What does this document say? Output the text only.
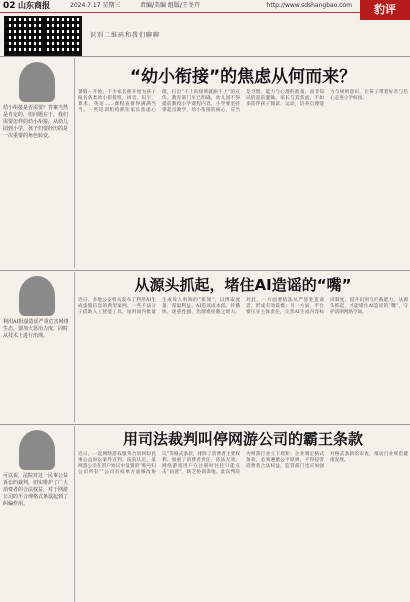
02 山东商报	2024.7.17 星期三	责编/美编 组版/王冬卉	http://www.sdshangbao.com	豹评
识别二维码和我们聊聊
幼小衔接是否需要？答案当然是肯定的，但问题在于，我们需要怎样的幼小衔接，从幼儿园到小学，孩子们要经历的是一次重要的角色转变。
“幼小衔接”的焦虑从何而来？
暑假一开始，不少家长便开始为孩子报名各类幼小衔接班。拼音、识字、算术、英语……课程表排得满满当当。一些培训机构抓住家长焦虑心理，打出“不上衔接班就跟不上”的宣传。教育部门早已明确，幼儿园不得提前教授小学课程内容，小学要坚持零起点教学。幼小衔接的核心，应当是习惯、能力与心理的准备，而非知识的超前灌输。家长与其焦虑，不如多陪伴孩子阅读、运动，培养自理能力与规则意识，让孩子带着好奇与信心走进小学校园。
利用AI批量造谣严重危害网络生态，要加大惩治力度，同时从技术上进行治理。
从源头抓起，堵住AI造谣的“嘴”
近日，多地公安机关发布了利用AI生成虚假信息的典型案例。一些不法分子借助人工智能工具，短时间内批量生成耸人听闻的“新闻”，以博取流量、谋取利益。AI造谣成本低、传播快、迷惑性强，治理难度随之增大。对此，一方面要依法从严惩处造谣者，形成有效震慑；另一方面，平台要压实主体责任，完善AI生成内容标识制度，提升识别与拦截能力。从源头抓起，才能堵住AI造谣的“嘴”，守护清朗网络空间。
可以说，法院对这一民事公益诉讼的裁判，切实维护了广大消费者的合法权益，对于网游公司的不合理格式条款起到了纠偏作用。
用司法裁判叫停网游公司的霸王条款
近日，一起网络游戏服务合同纠纷民事公益诉讼案件宣判。法院认定，某网游公司在用户协议中设置的“账号归公司所有”“公司有权单方面修改协议”等格式条款，排除了消费者主要权利、加重了消费者责任，依法无效。网络游戏用户在注册时往往只能点击“同意”，缺乏协商余地。此次判决为网游行业立下规矩：企业制定格式条款，必须遵循公平原则，不得侵害消费者合法权益。监管部门也应加强对格式条款的审查，推动行业规范健康发展。
